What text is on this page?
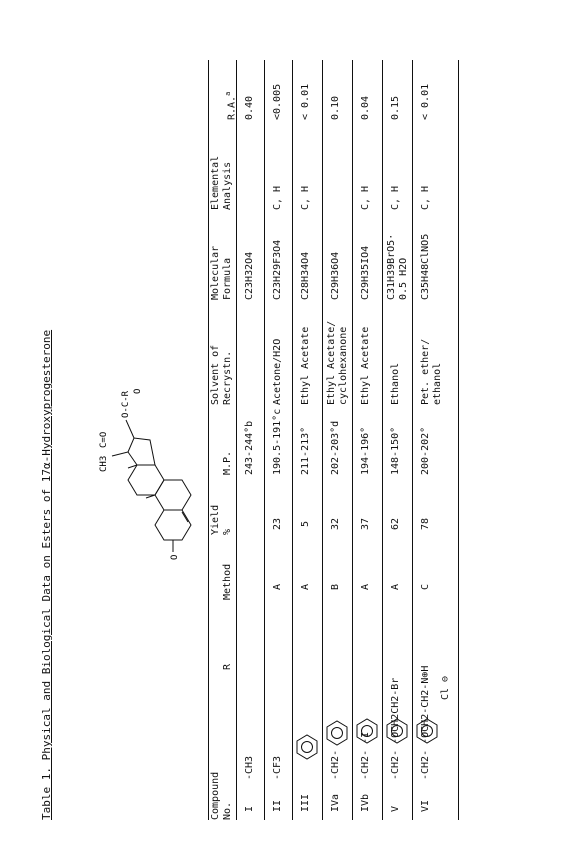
Table 1. Physical and Biological Data on Esters of 17α-Hydroxyprogesterone	CH3
C=O
O-C-R O
O
Compound
No.
R
Method
Yield
%
M.P.
Solvent of
Recrystn.
Molecular
Formula
Elemental
Analysis
R.A.$^a$
I
-CH3
243-244°b
C23H32O4
0.40
II
-CF3
A
23
190.5-191°c
Acetone/H2O
C23H29F3O4
C, H
<0.005
III
A
5
211-213°
Ethyl Acetate
C28H34O4
C, H
< 0.01
IVa
-CH2-
B
32
202-203°d
Ethyl Acetate/
cyclohexanone
C29H36O4
0.10
IVb
-CH2- -I
A
37
194-196°
Ethyl Acetate
C29H35IO4
C, H
0.04
V
-CH2- -OCH2CH2-Br
A
62
148-150°
Ethanol
C31H39BrO5·
0.5 H2O
C, H
0.15
VI
-CH2- -OCH2-CH2-N⊕H Cl ⊖
C
78
200-202°
Pet. ether/
ethanol
C35H48ClNO5
C, H
< 0.01
